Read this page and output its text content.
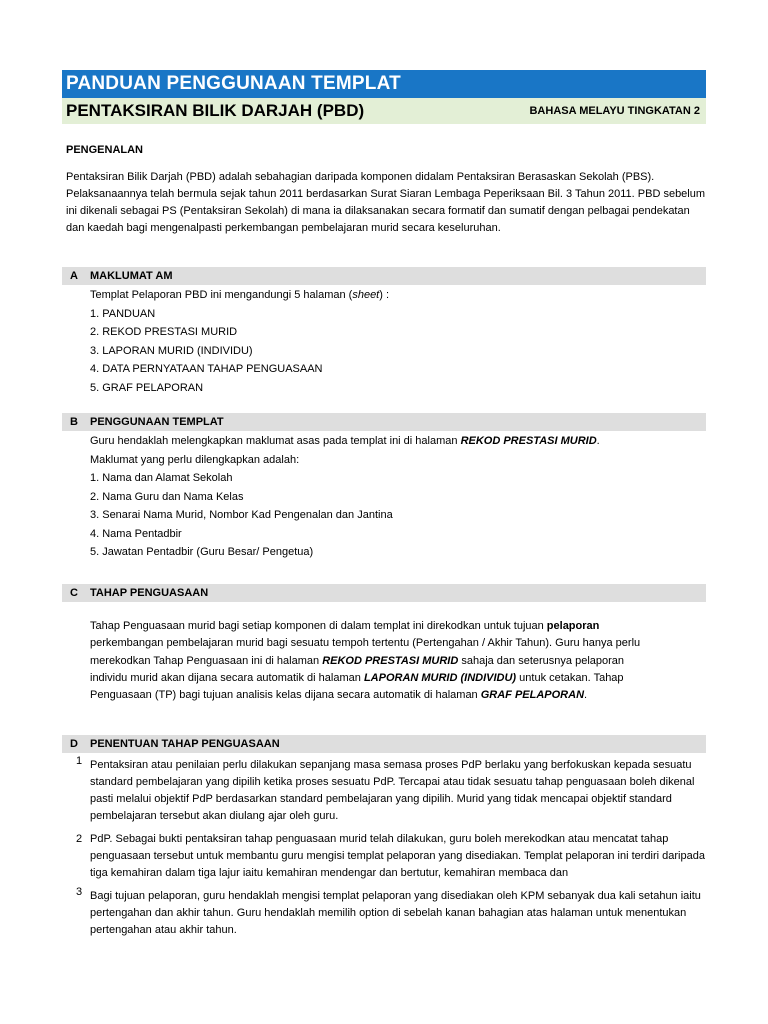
PANDUAN PENGGUNAAN TEMPLAT
PENTAKSIRAN BILIK DARJAH (PBD)	BAHASA MELAYU TINGKATAN 2
PENGENALAN
Pentaksiran Bilik Darjah (PBD) adalah sebahagian daripada komponen didalam Pentaksiran Berasaskan Sekolah (PBS). Pelaksanaannya telah bermula sejak tahun 2011 berdasarkan Surat Siaran Lembaga Peperiksaan Bil. 3 Tahun 2011. PBD sebelum ini dikenali sebagai PS (Pentaksiran Sekolah) di mana ia dilaksanakan secara formatif dan sumatif dengan pelbagai pendekatan dan kaedah bagi mengenalpasti perkembangan pembelajaran murid secara keseluruhan.
A MAKLUMAT AM
Templat Pelaporan PBD ini mengandungi 5 halaman (sheet) :
1. PANDUAN
2. REKOD PRESTASI MURID
3. LAPORAN MURID (INDIVIDU)
4. DATA PERNYATAAN TAHAP PENGUASAAN
5. GRAF PELAPORAN
B PENGGUNAAN TEMPLAT
Guru hendaklah melengkapkan maklumat asas pada templat ini di halaman REKOD PRESTASI MURID.
Maklumat yang perlu dilengkapkan adalah:
1. Nama dan Alamat Sekolah
2. Nama Guru dan Nama Kelas
3. Senarai Nama Murid, Nombor Kad Pengenalan dan Jantina
4. Nama Pentadbir
5. Jawatan Pentadbir (Guru Besar/ Pengetua)
C TAHAP PENGUASAAN
Tahap Penguasaan murid bagi setiap komponen di dalam templat ini direkodkan untuk tujuan pelaporan perkembangan pembelajaran murid bagi sesuatu tempoh tertentu (Pertengahan / Akhir Tahun). Guru hanya perlu merekodkan Tahap Penguasaan ini di halaman REKOD PRESTASI MURID sahaja dan seterusnya pelaporan individu murid akan dijana secara automatik di halaman LAPORAN MURID (INDIVIDU) untuk cetakan. Tahap Penguasaan (TP) bagi tujuan analisis kelas dijana secara automatik di halaman GRAF PELAPORAN.
D PENENTUAN TAHAP PENGUASAAN
1 Pentaksiran atau penilaian perlu dilakukan sepanjang masa semasa proses PdP berlaku yang berfokuskan kepada sesuatu standard pembelajaran yang dipilih ketika proses sesuatu PdP. Tercapai atau tidak sesuatu tahap penguasaan boleh dikenal pasti melalui objektif PdP berdasarkan standard pembelajaran yang dipilih. Murid yang tidak mencapai objektif standard pembelajaran tersebut akan diulang ajar oleh guru.
2 PdP. Sebagai bukti pentaksiran tahap penguasaan murid telah dilakukan, guru boleh merekodkan atau mencatat tahap penguasaan tersebut untuk membantu guru mengisi templat pelaporan yang disediakan. Templat pelaporan ini terdiri daripada tiga kemahiran dalam tiga lajur iaitu kemahiran mendengar dan bertutur, kemahiran membaca dan
3 Bagi tujuan pelaporan, guru hendaklah mengisi templat pelaporan yang disediakan oleh KPM sebanyak dua kali setahun iaitu pertengahan dan akhir tahun. Guru hendaklah memilih option di sebelah kanan bahagian atas halaman untuk menentukan pertengahan atau akhir tahun.
